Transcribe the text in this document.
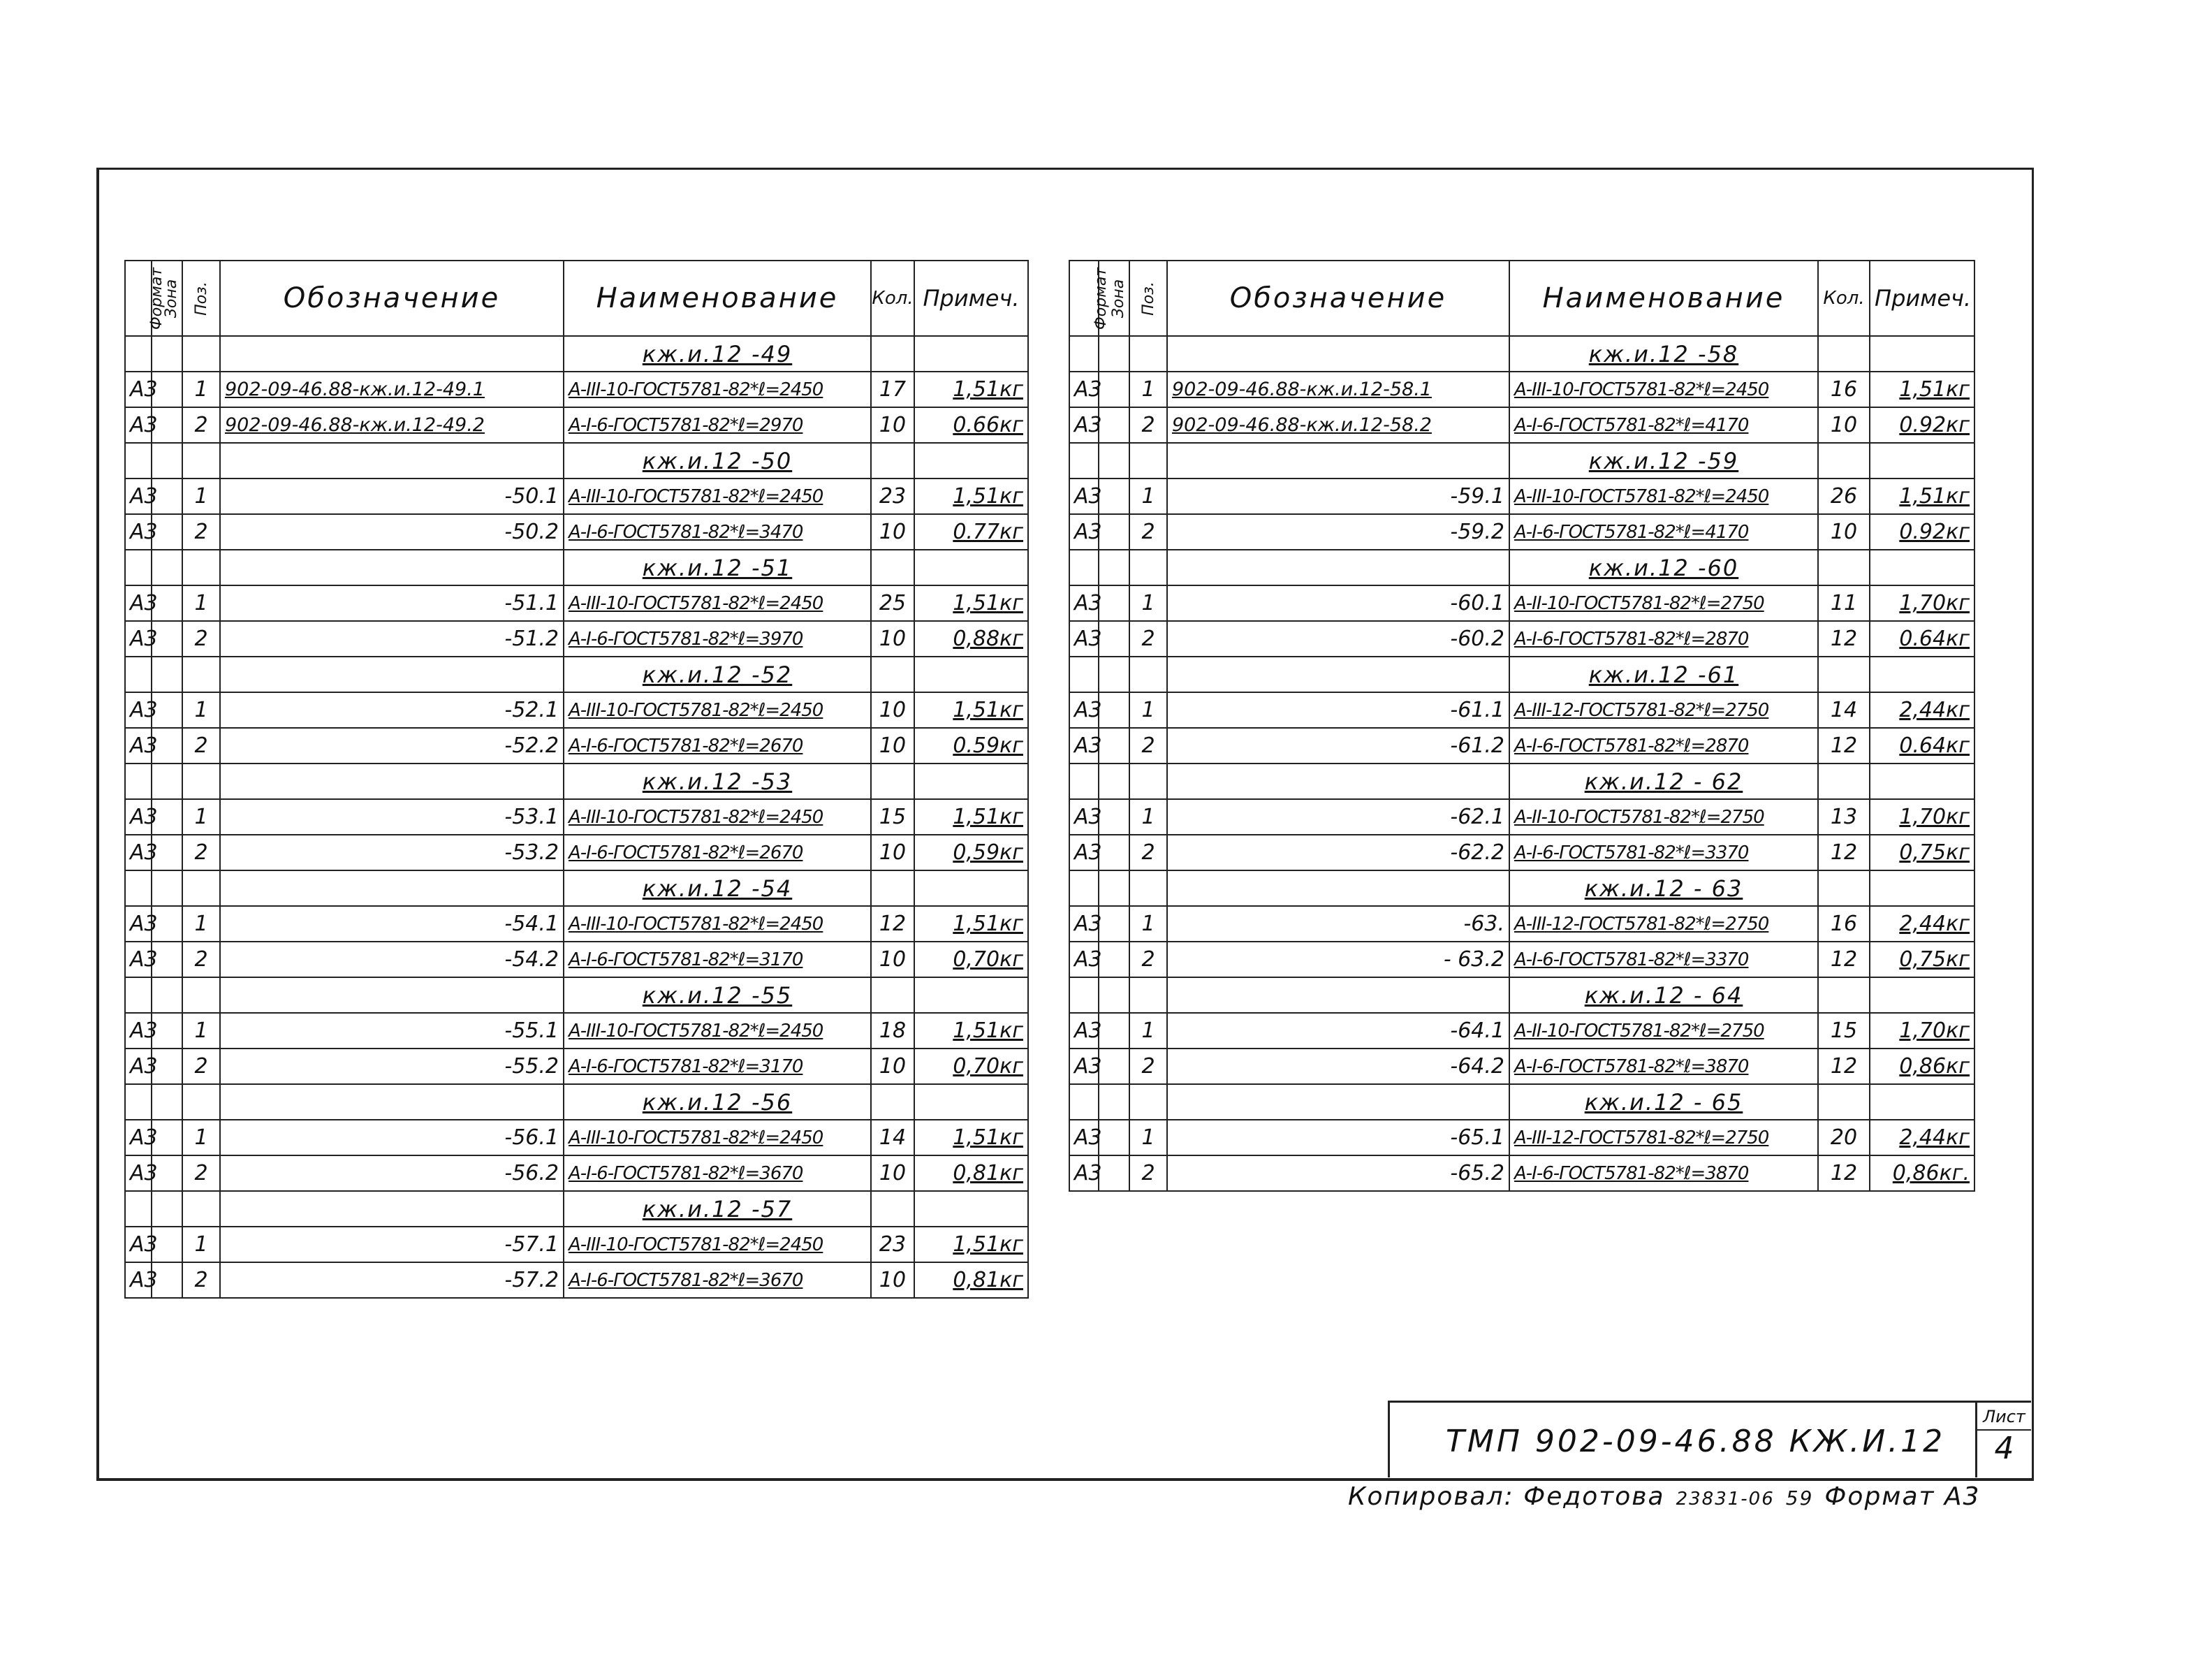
Формат	Зона	Поз.	Обозначение	Наименование	Кол.	Примеч.
				кж.и.12 -49		
А3		1	902-09-46.88-кж.и.12-49.1	А-III-10-ГОСТ5781-82*ℓ=2450	17	1,51кг
А3		2	902-09-46.88-кж.и.12-49.2	А-I-6-ГОСТ5781-82*ℓ=2970	10	0.66кг
				кж.и.12 -50		
А3		1	-50.1	А-III-10-ГОСТ5781-82*ℓ=2450	23	1,51кг
А3		2	-50.2	А-I-6-ГОСТ5781-82*ℓ=3470	10	0.77кг
				кж.и.12 -51		
А3		1	-51.1	А-III-10-ГОСТ5781-82*ℓ=2450	25	1,51кг
А3		2	-51.2	А-I-6-ГОСТ5781-82*ℓ=3970	10	0,88кг
				кж.и.12 -52		
А3		1	-52.1	А-III-10-ГОСТ5781-82*ℓ=2450	10	1,51кг
А3		2	-52.2	А-I-6-ГОСТ5781-82*ℓ=2670	10	0.59кг
				кж.и.12 -53		
А3		1	-53.1	А-III-10-ГОСТ5781-82*ℓ=2450	15	1,51кг
А3		2	-53.2	А-I-6-ГОСТ5781-82*ℓ=2670	10	0,59кг
				кж.и.12 -54		
А3		1	-54.1	А-III-10-ГОСТ5781-82*ℓ=2450	12	1,51кг
А3		2	-54.2	А-I-6-ГОСТ5781-82*ℓ=3170	10	0,70кг
				кж.и.12 -55		
А3		1	-55.1	А-III-10-ГОСТ5781-82*ℓ=2450	18	1,51кг
А3		2	-55.2	А-I-6-ГОСТ5781-82*ℓ=3170	10	0,70кг
				кж.и.12 -56		
А3		1	-56.1	А-III-10-ГОСТ5781-82*ℓ=2450	14	1,51кг
А3		2	-56.2	А-I-6-ГОСТ5781-82*ℓ=3670	10	0,81кг
				кж.и.12 -57		
А3		1	-57.1	А-III-10-ГОСТ5781-82*ℓ=2450	23	1,51кг
А3		2	-57.2	А-I-6-ГОСТ5781-82*ℓ=3670	10	0,81кг
Формат	Зона	Поз.	Обозначение	Наименование	Кол.	Примеч.
				кж.и.12 -58		
А3		1	902-09-46.88-кж.и.12-58.1	А-III-10-ГОСТ5781-82*ℓ=2450	16	1,51кг
А3		2	902-09-46.88-кж.и.12-58.2	А-I-6-ГОСТ5781-82*ℓ=4170	10	0.92кг
				кж.и.12 -59		
А3		1	-59.1	А-III-10-ГОСТ5781-82*ℓ=2450	26	1,51кг
А3		2	-59.2	А-I-6-ГОСТ5781-82*ℓ=4170	10	0.92кг
				кж.и.12 -60		
А3		1	-60.1	А-II-10-ГОСТ5781-82*ℓ=2750	11	1,70кг
А3		2	-60.2	А-I-6-ГОСТ5781-82*ℓ=2870	12	0.64кг
				кж.и.12 -61		
А3		1	-61.1	А-III-12-ГОСТ5781-82*ℓ=2750	14	2,44кг
А3		2	-61.2	А-I-6-ГОСТ5781-82*ℓ=2870	12	0.64кг
				кж.и.12 - 62		
А3		1	-62.1	А-II-10-ГОСТ5781-82*ℓ=2750	13	1,70кг
А3		2	-62.2	А-I-6-ГОСТ5781-82*ℓ=3370	12	0,75кг
				кж.и.12 - 63		
А3		1	-63.	А-III-12-ГОСТ5781-82*ℓ=2750	16	2,44кг
А3		2	- 63.2	А-I-6-ГОСТ5781-82*ℓ=3370	12	0,75кг
				кж.и.12 - 64		
А3		1	-64.1	А-II-10-ГОСТ5781-82*ℓ=2750	15	1,70кг
А3		2	-64.2	А-I-6-ГОСТ5781-82*ℓ=3870	12	0,86кг
				кж.и.12 - 65		
А3		1	-65.1	А-III-12-ГОСТ5781-82*ℓ=2750	20	2,44кг
А3		2	-65.2	А-I-6-ГОСТ5781-82*ℓ=3870	12	0,86кг.
ТМП 902-09-46.88 КЖ.И.12
Лист
4
Копировал: Федотова 23831-06 59 Формат А3
